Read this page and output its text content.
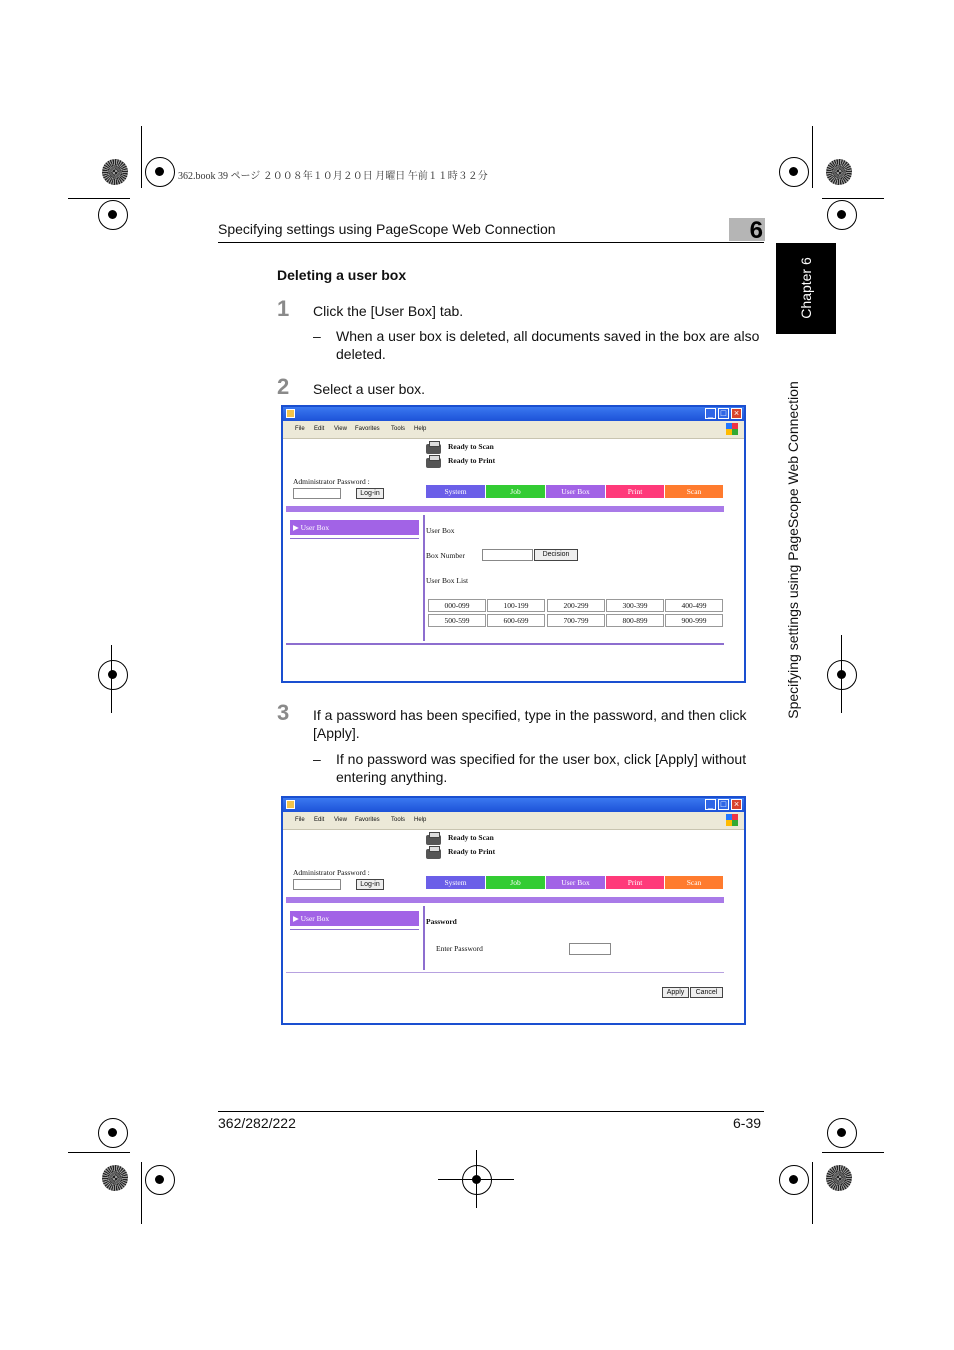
362.book 39 ページ ２００８年１０月２０日 月曜日 午前１１時３２分
Specifying settings using PageScope Web Connection	6
Chapter 6
Specifying settings using PageScope Web Connection
Deleting a user box
1 Click the [User Box] tab.
– When a user box is deleted, all documents saved in the box are also deleted.
2 Select a user box.
_ □ ×
File Edit View Favorites Tools Help
Ready to Scan
Ready to Print
Administrator Password :
Log-in	System	Job	User Box	Print	Scan
▶ User Box	User Box
Box Number	Decision
User Box List
000-099	100-199	200-299	300-399	400-499
500-599	600-699	700-799	800-899	900-999
3 If a password has been specified, type in the password, and then click [Apply].
– If no password was specified for the user box, click [Apply] without entering anything.
_ □ ×
File Edit View Favorites Tools Help
Ready to Scan
Ready to Print
Administrator Password :
Log-in	System	Job	User Box	Print	Scan
▶ User Box	Password
Enter Password
Apply	Cancel
362/282/222	6-39
